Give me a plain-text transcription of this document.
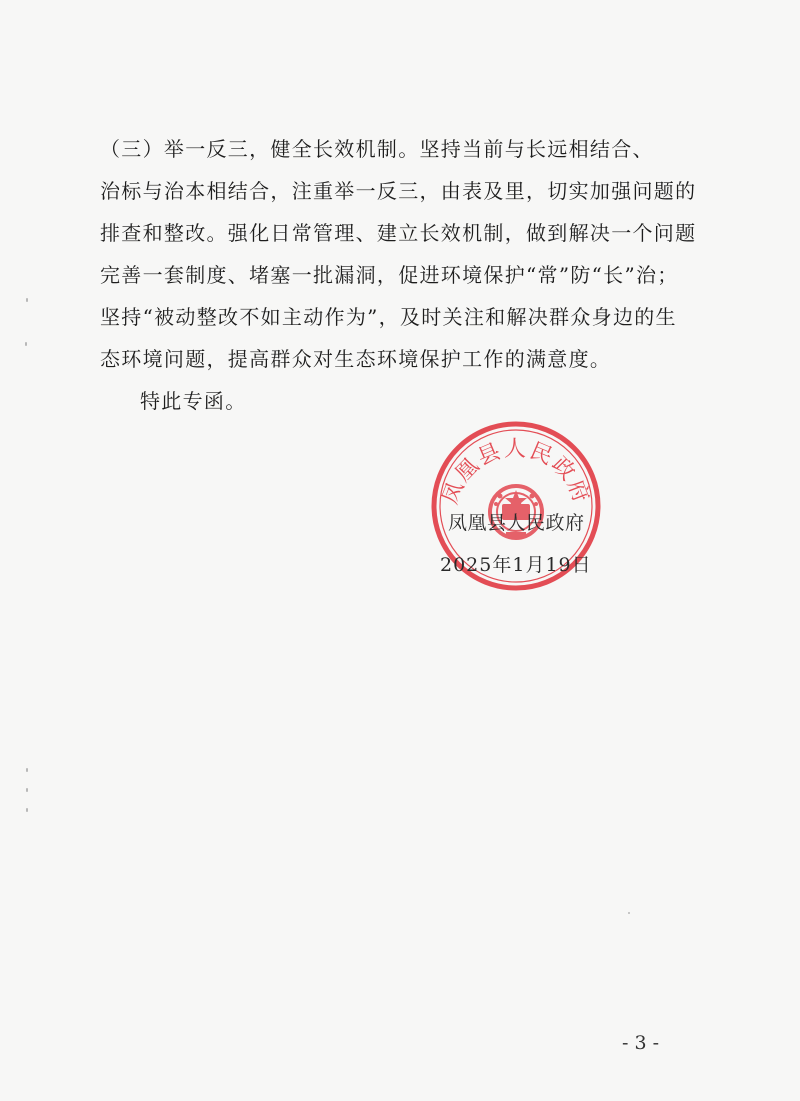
（三）举一反三，健全长效机制。坚持当前与长远相结合、
治标与治本相结合，注重举一反三，由表及里，切实加强问题的
排查和整改。强化日常管理、建立长效机制，做到解决一个问题
完善一套制度、堵塞一批漏洞，促进环境保护“常”防“长”治；
坚持“被动整改不如主动作为”，及时关注和解决群众身边的生
态环境问题，提高群众对生态环境保护工作的满意度。
特此专函。
凤凰县人民政府
凤凰县人民政府
2025年1月19日
- 3 -
